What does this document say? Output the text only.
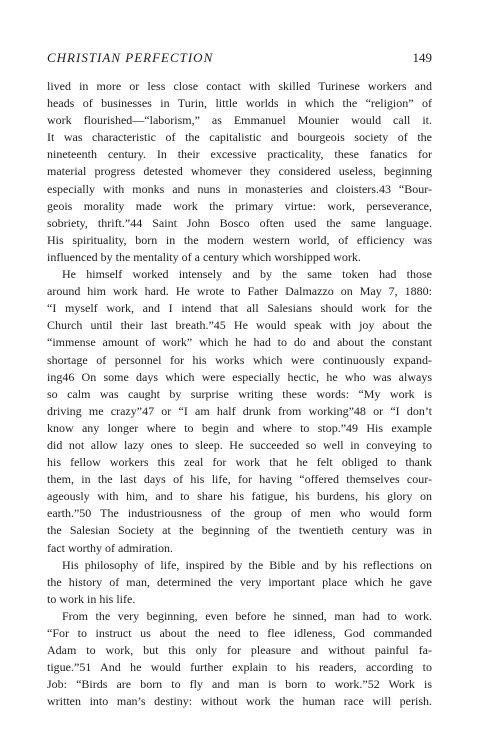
CHRISTIAN PERFECTION	149

lived in more or less close contact with skilled Turinese workers and
heads of businesses in Turin, little worlds in which the “religion” of
work flourished—“laborism,” as Emmanuel Mounier would call it.
It was characteristic of the capitalistic and bourgeois society of the
nineteenth century. In their excessive practicality, these fanatics for
material progress detested whomever they considered useless, beginning
especially with monks and nuns in monasteries and cloisters.43 “Bour-
geois morality made work the primary virtue: work, perseverance,
sobriety, thrift.”44 Saint John Bosco often used the same language.
His spirituality, born in the modern western world, of efficiency was
influenced by the mentality of a century which worshipped work.

He himself worked intensely and by the same token had those
around him work hard. He wrote to Father Dalmazzo on May 7, 1880:
“I myself work, and I intend that all Salesians should work for the
Church until their last breath.”45 He would speak with joy about the
“immense amount of work” which he had to do and about the constant
shortage of personnel for his works which were continuously expand-
ing46 On some days which were especially hectic, he who was always
so calm was caught by surprise writing these words: “My work is
driving me crazy”47 or “I am half drunk from working”48 or “I don’t
know any longer where to begin and where to stop.”49 His example
did not allow lazy ones to sleep. He succeeded so well in conveying to
his fellow workers this zeal for work that he felt obliged to thank
them, in the last days of his life, for having “offered themselves cour-
ageously with him, and to share his fatigue, his burdens, his glory on
earth.”50 The industriousness of the group of men who would form
the Salesian Society at the beginning of the twentieth century was in
fact worthy of admiration.

His philosophy of life, inspired by the Bible and by his reflections on
the history of man, determined the very important place which he gave
to work in his life.

From the very beginning, even before he sinned, man had to work.
“For to instruct us about the need to flee idleness, God commanded
Adam to work, but this only for pleasure and without painful fa-
tigue.”51 And he would further explain to his readers, according to
Job: “Birds are born to fly and man is born to work.”52 Work is
written into man’s destiny: without work the human race will perish.
